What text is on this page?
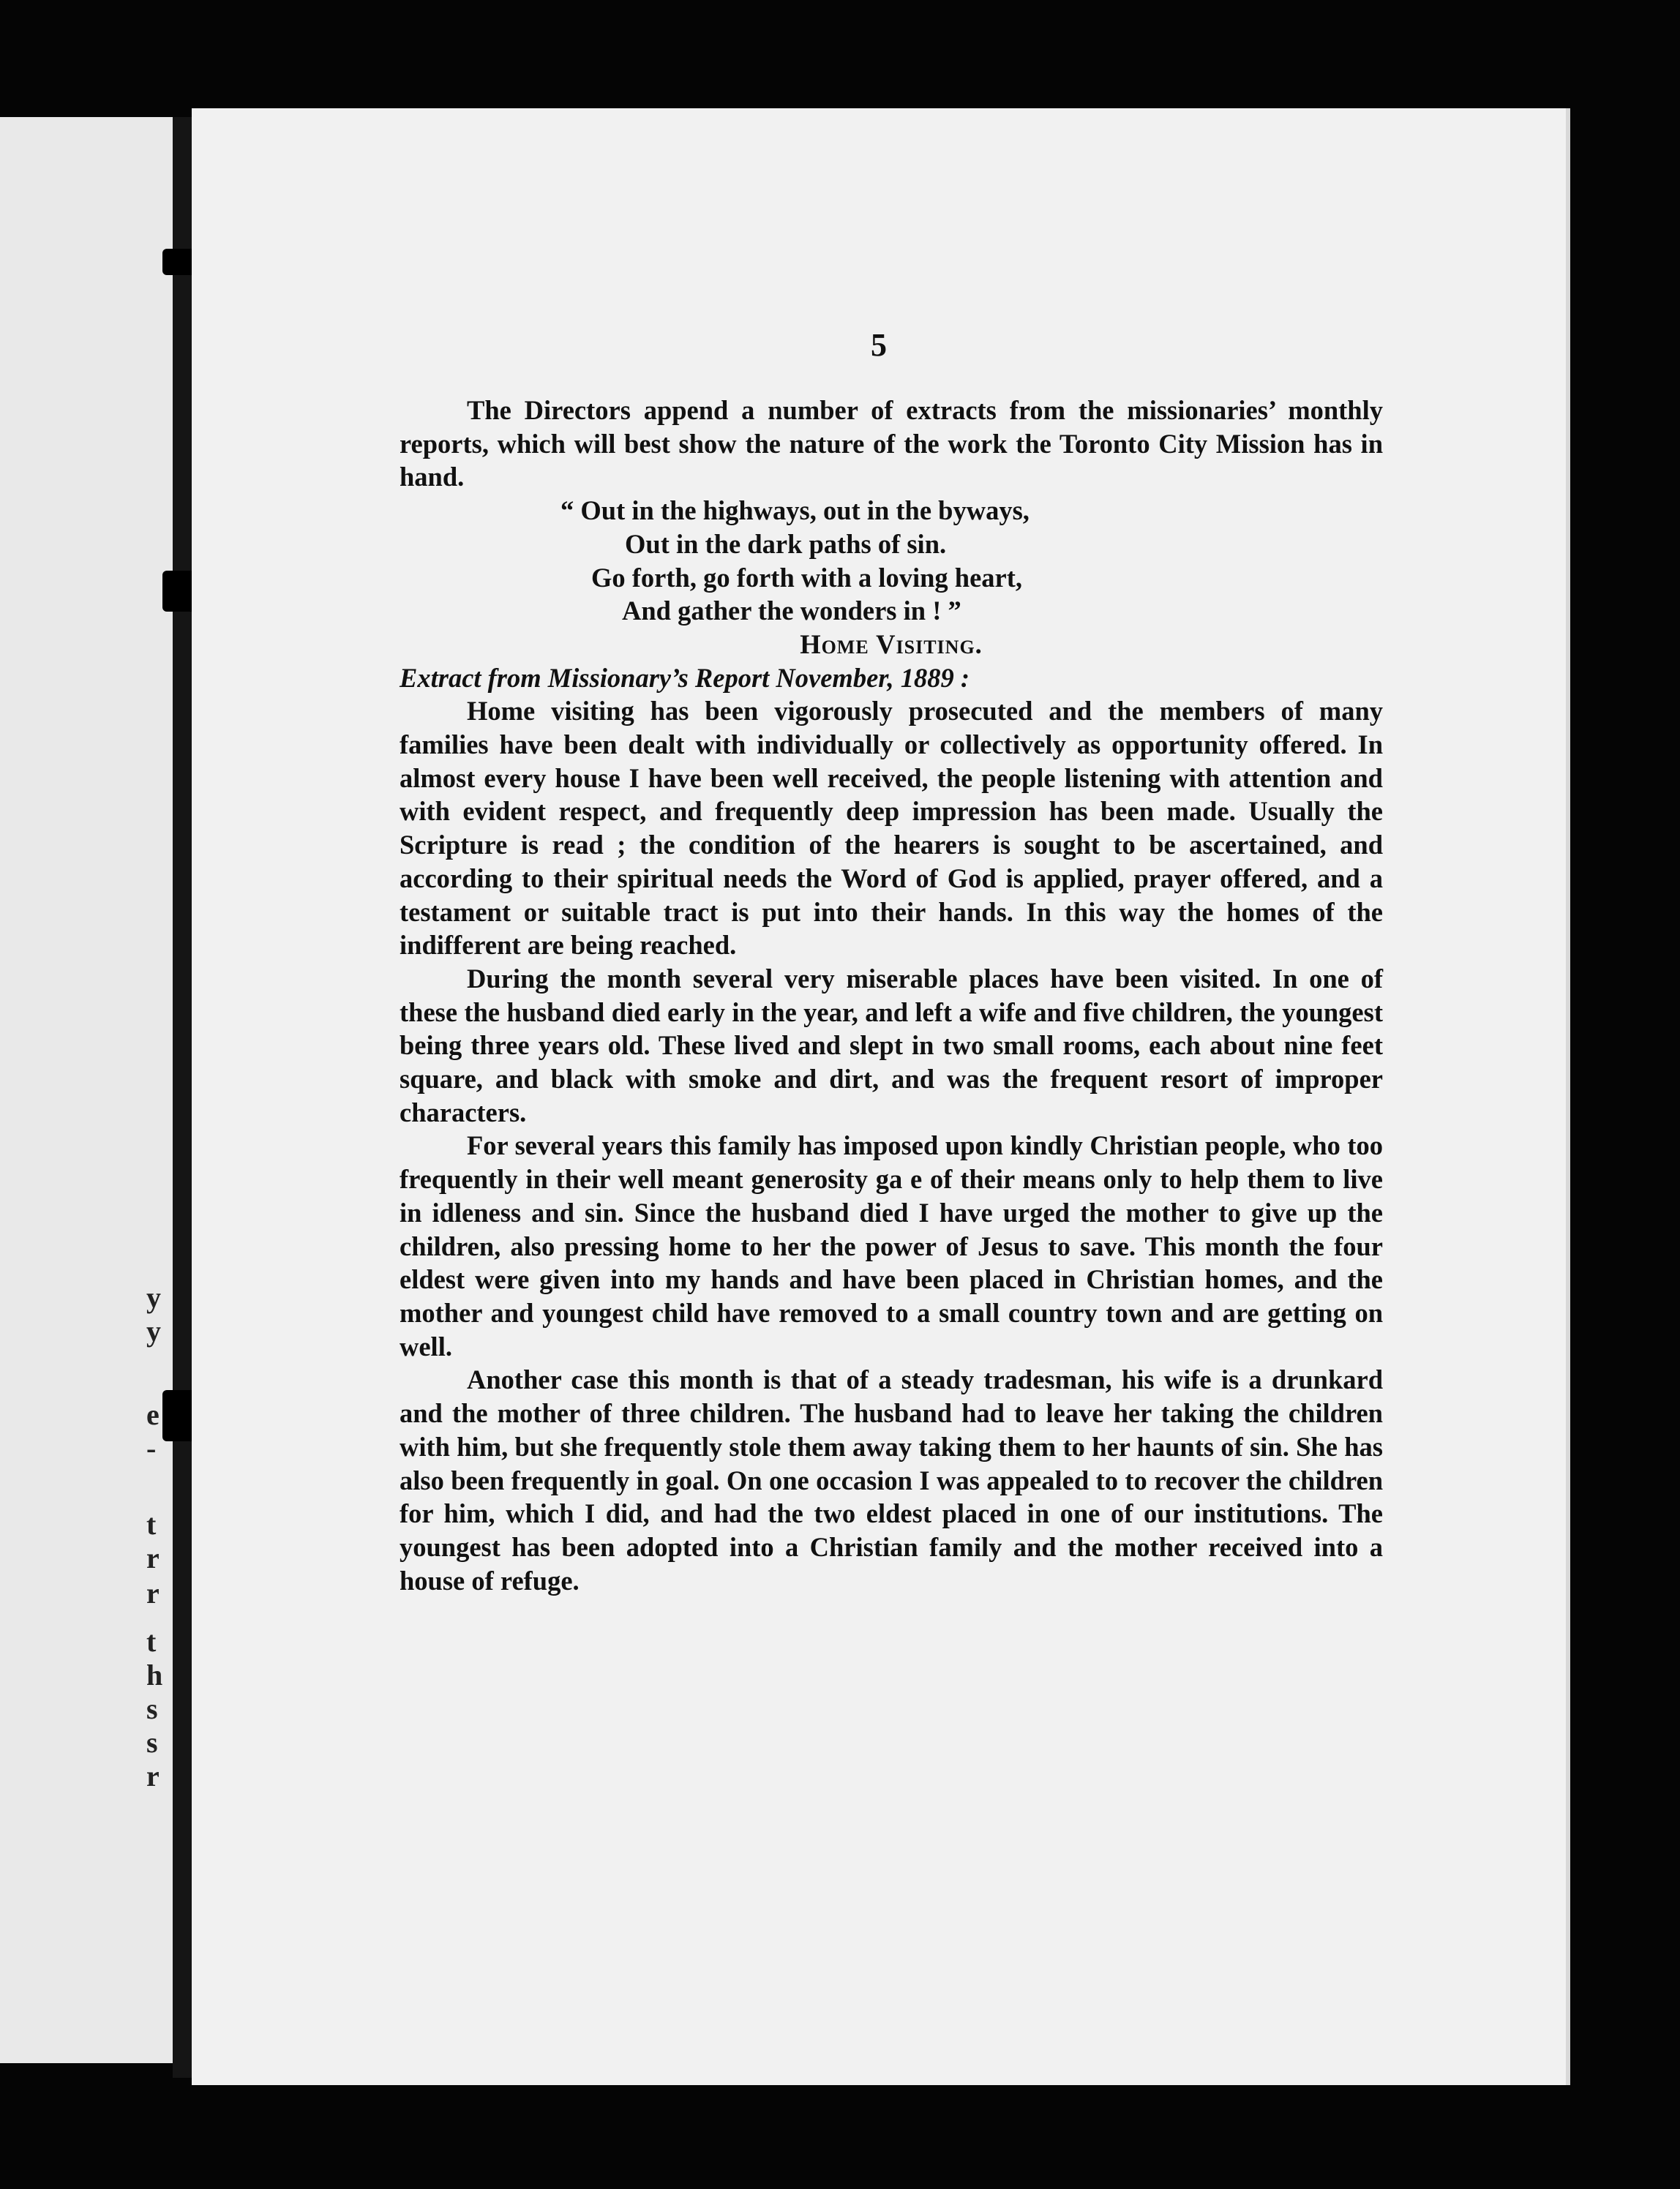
y
y
e
-
t
r
r
t
h
s
s
r
5

The Directors append a number of extracts from the missionaries’ monthly reports, which will best show the nature of the work the Toronto City Mission has in hand.

“ Out in the highways, out in the byways,
Out in the dark paths of sin.
Go forth, go forth with a loving heart,
And gather the wonders in ! ”
Home Visiting.
Extract from Missionary’s Report November, 1889 :

Home visiting has been vigorously prosecuted and the members of many families have been dealt with individually or collectively as opportunity offered. In almost every house I have been well received, the people listening with attention and with evident respect, and frequently deep impression has been made. Usually the Scripture is read ; the condition of the hearers is sought to be ascertained, and according to their spiritual needs the Word of God is applied, prayer offered, and a testament or suitable tract is put into their hands. In this way the homes of the indifferent are being reached.

During the month several very miserable places have been visited. In one of these the husband died early in the year, and left a wife and five children, the youngest being three years old. These lived and slept in two small rooms, each about nine feet square, and black with smoke and dirt, and was the frequent resort of improper characters.

For several years this family has imposed upon kindly Christian people, who too frequently in their well meant generosity ga e of their means only to help them to live in idleness and sin. Since the husband died I have urged the mother to give up the children, also pressing home to her the power of Jesus to save. This month the four eldest were given into my hands and have been placed in Christian homes, and the mother and youngest child have removed to a small country town and are getting on well.

Another case this month is that of a steady tradesman, his wife is a drunkard and the mother of three children. The husband had to leave her taking the children with him, but she frequently stole them away taking them to her haunts of sin. She has also been frequently in goal. On one occasion I was appealed to to recover the children for him, which I did, and had the two eldest placed in one of our institutions. The youngest has been adopted into a Christian family and the mother received into a house of refuge.
